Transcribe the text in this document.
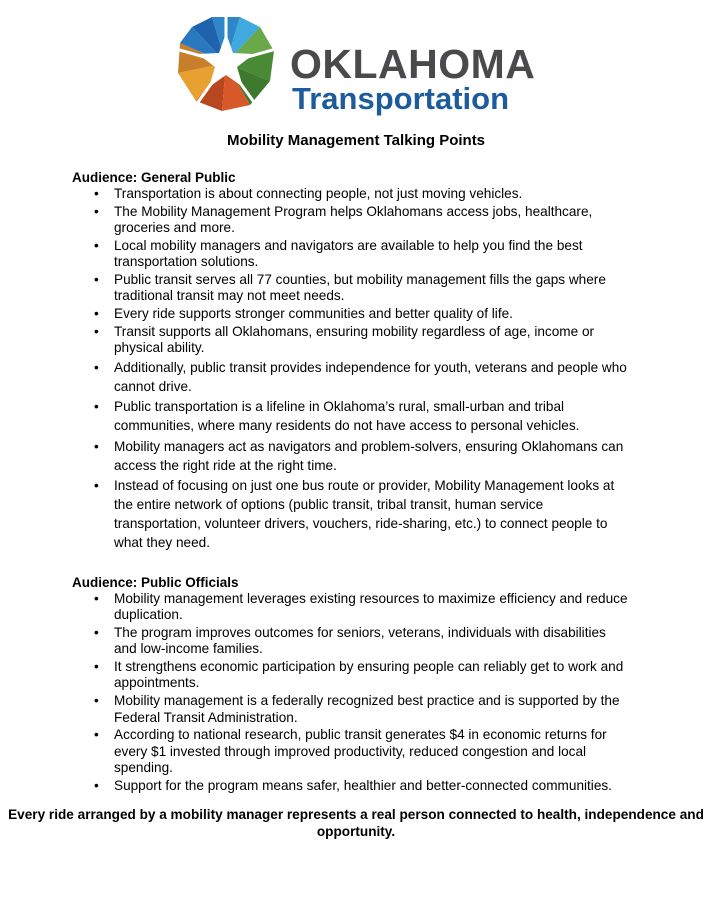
OKLAHOMA
Transportation
Mobility Management Talking Points
Audience: General Public
• Transportation is about connecting people, not just moving vehicles.
• The Mobility Management Program helps Oklahomans access jobs, healthcare, groceries and more.
• Local mobility managers and navigators are available to help you find the best transportation solutions.
• Public transit serves all 77 counties, but mobility management fills the gaps where traditional transit may not meet needs.
• Every ride supports stronger communities and better quality of life.
• Transit supports all Oklahomans, ensuring mobility regardless of age, income or physical ability.
• Additionally, public transit provides independence for youth, veterans and people who cannot drive.
• Public transportation is a lifeline in Oklahoma’s rural, small-urban and tribal communities, where many residents do not have access to personal vehicles.
• Mobility managers act as navigators and problem-solvers, ensuring Oklahomans can access the right ride at the right time.
• Instead of focusing on just one bus route or provider, Mobility Management looks at the entire network of options (public transit, tribal transit, human service transportation, volunteer drivers, vouchers, ride-sharing, etc.) to connect people to what they need.
Audience: Public Officials
• Mobility management leverages existing resources to maximize efficiency and reduce duplication.
• The program improves outcomes for seniors, veterans, individuals with disabilities and low-income families.
• It strengthens economic participation by ensuring people can reliably get to work and appointments.
• Mobility management is a federally recognized best practice and is supported by the Federal Transit Administration.
• According to national research, public transit generates $4 in economic returns for every $1 invested through improved productivity, reduced congestion and local spending.
• Support for the program means safer, healthier and better-connected communities.
Every ride arranged by a mobility manager represents a real person connected to health, independence and opportunity.
